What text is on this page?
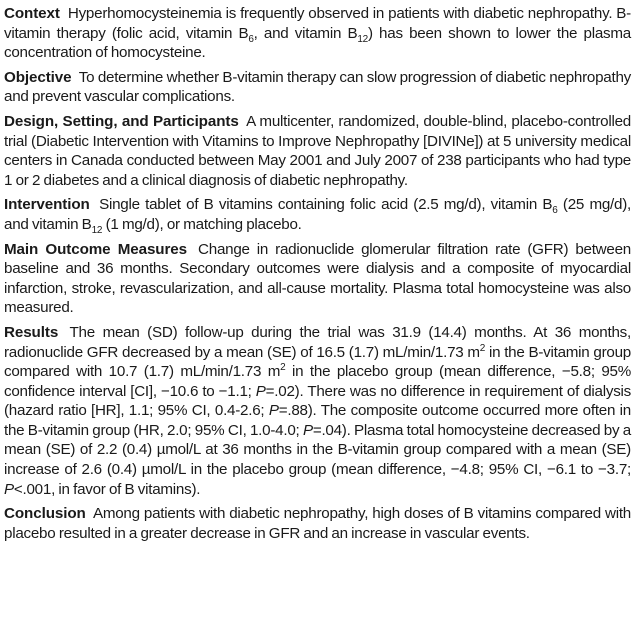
Context Hyperhomocysteinemia is frequently observed in patients with diabetic nephropathy. B-vitamin therapy (folic acid, vitamin $B_6$, and vitamin $B_{12}$) has been shown to lower the plasma concentration of homocysteine.

Objective To determine whether B-vitamin therapy can slow progression of diabetic nephropathy and prevent vascular complications.

Design, Setting, and Participants A multicenter, randomized, double-blind, placebo-controlled trial (Diabetic Intervention with Vitamins to Improve Nephropathy [DIVINe]) at 5 university medical centers in Canada conducted between May 2001 and July 2007 of 238 participants who had type 1 or 2 diabetes and a clinical diagnosis of diabetic nephropathy.

Intervention Single tablet of B vitamins containing folic acid (2.5 mg/d), vitamin $B_6$ (25 mg/d), and vitamin $B_{12}$ (1 mg/d), or matching placebo.

Main Outcome Measures Change in radionuclide glomerular filtration rate (GFR) between baseline and 36 months. Secondary outcomes were dialysis and a composite of myocardial infarction, stroke, revascularization, and all-cause mortality. Plasma total homocysteine was also measured.

Results The mean (SD) follow-up during the trial was 31.9 (14.4) months. At 36 months, radionuclide GFR decreased by a mean (SE) of 16.5 (1.7) mL/min/1.73 $m^2$ in the B-vitamin group compared with 10.7 (1.7) mL/min/1.73 $m^2$ in the placebo group (mean difference, −5.8; 95% confidence interval [CI], −10.6 to −1.1; P=.02). There was no difference in requirement of dialysis (hazard ratio [HR], 1.1; 95% CI, 0.4-2.6; P=.88). The composite outcome occurred more often in the B-vitamin group (HR, 2.0; 95% CI, 1.0-4.0; P=.04). Plasma total homocysteine decreased by a mean (SE) of 2.2 (0.4) µmol/L at 36 months in the B-vitamin group compared with a mean (SE) increase of 2.6 (0.4) µmol/L in the placebo group (mean difference, −4.8; 95% CI, −6.1 to −3.7; P<.001, in favor of B vitamins).

Conclusion Among patients with diabetic nephropathy, high doses of B vitamins compared with placebo resulted in a greater decrease in GFR and an increase in vascular events.
